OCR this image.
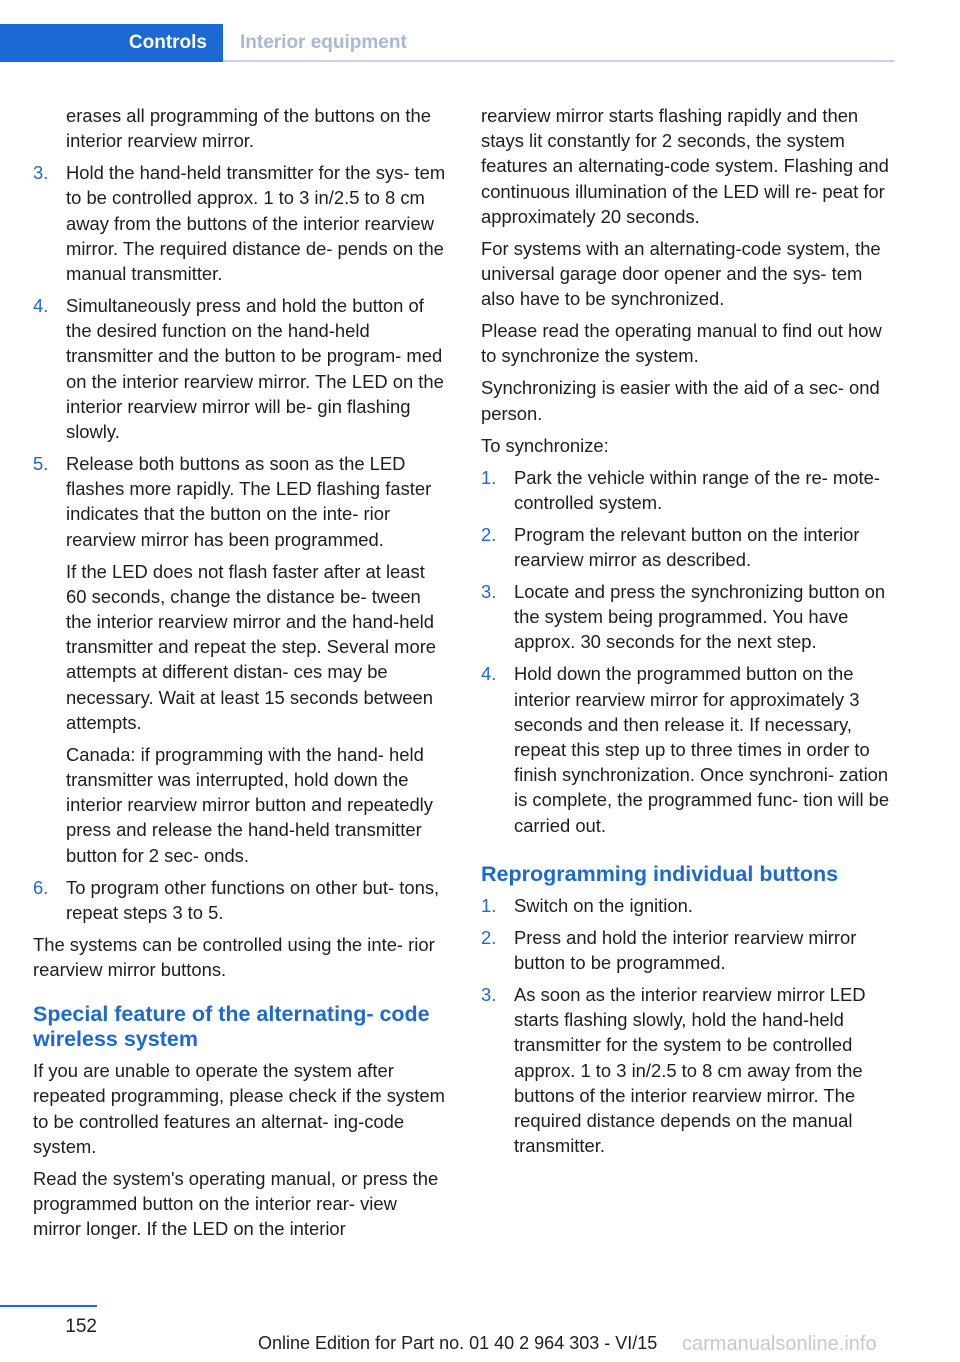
Controls	Interior equipment

erases all programming of the buttons on the interior rearview mirror.

3. Hold the hand-held transmitter for the sys‐ tem to be controlled approx. 1 to 3 in/2.5 to 8 cm away from the buttons of the interior rearview mirror. The required distance de‐ pends on the manual transmitter.

4. Simultaneously press and hold the button of the desired function on the hand-held transmitter and the button to be program‐ med on the interior rearview mirror. The LED on the interior rearview mirror will be‐ gin flashing slowly.

5. Release both buttons as soon as the LED flashes more rapidly. The LED flashing faster indicates that the button on the inte‐ rior rearview mirror has been programmed.

If the LED does not flash faster after at least 60 seconds, change the distance be‐ tween the interior rearview mirror and the hand-held transmitter and repeat the step. Several more attempts at different distan‐ ces may be necessary. Wait at least 15 seconds between attempts.

Canada: if programming with the hand- held transmitter was interrupted, hold down the interior rearview mirror button and repeatedly press and release the hand-held transmitter button for 2 sec‐ onds.

6. To program other functions on other but‐ tons, repeat steps 3 to 5.

The systems can be controlled using the inte‐ rior rearview mirror buttons.

Special feature of the alternating- code wireless system

If you are unable to operate the system after repeated programming, please check if the system to be controlled features an alternat‐ ing-code system.

Read the system's operating manual, or press the programmed button on the interior rear‐ view mirror longer. If the LED on the interior

rearview mirror starts flashing rapidly and then stays lit constantly for 2 seconds, the system features an alternating-code system. Flashing and continuous illumination of the LED will re‐ peat for approximately 20 seconds.

For systems with an alternating-code system, the universal garage door opener and the sys‐ tem also have to be synchronized.

Please read the operating manual to find out how to synchronize the system.

Synchronizing is easier with the aid of a sec‐ ond person.

To synchronize:

1. Park the vehicle within range of the re‐ mote-controlled system.

2. Program the relevant button on the interior rearview mirror as described.

3. Locate and press the synchronizing button on the system being programmed. You have approx. 30 seconds for the next step.

4. Hold down the programmed button on the interior rearview mirror for approximately 3 seconds and then release it. If necessary, repeat this step up to three times in order to finish synchronization. Once synchroni‐ zation is complete, the programmed func‐ tion will be carried out.

Reprogramming individual buttons
1. Switch on the ignition.

2. Press and hold the interior rearview mirror button to be programmed.

3. As soon as the interior rearview mirror LED starts flashing slowly, hold the hand-held transmitter for the system to be controlled approx. 1 to 3 in/2.5 to 8 cm away from the buttons of the interior rearview mirror. The required distance depends on the manual transmitter.

152
Online Edition for Part no. 01 40 2 964 303 - VI/15 carmanualsonline.info
